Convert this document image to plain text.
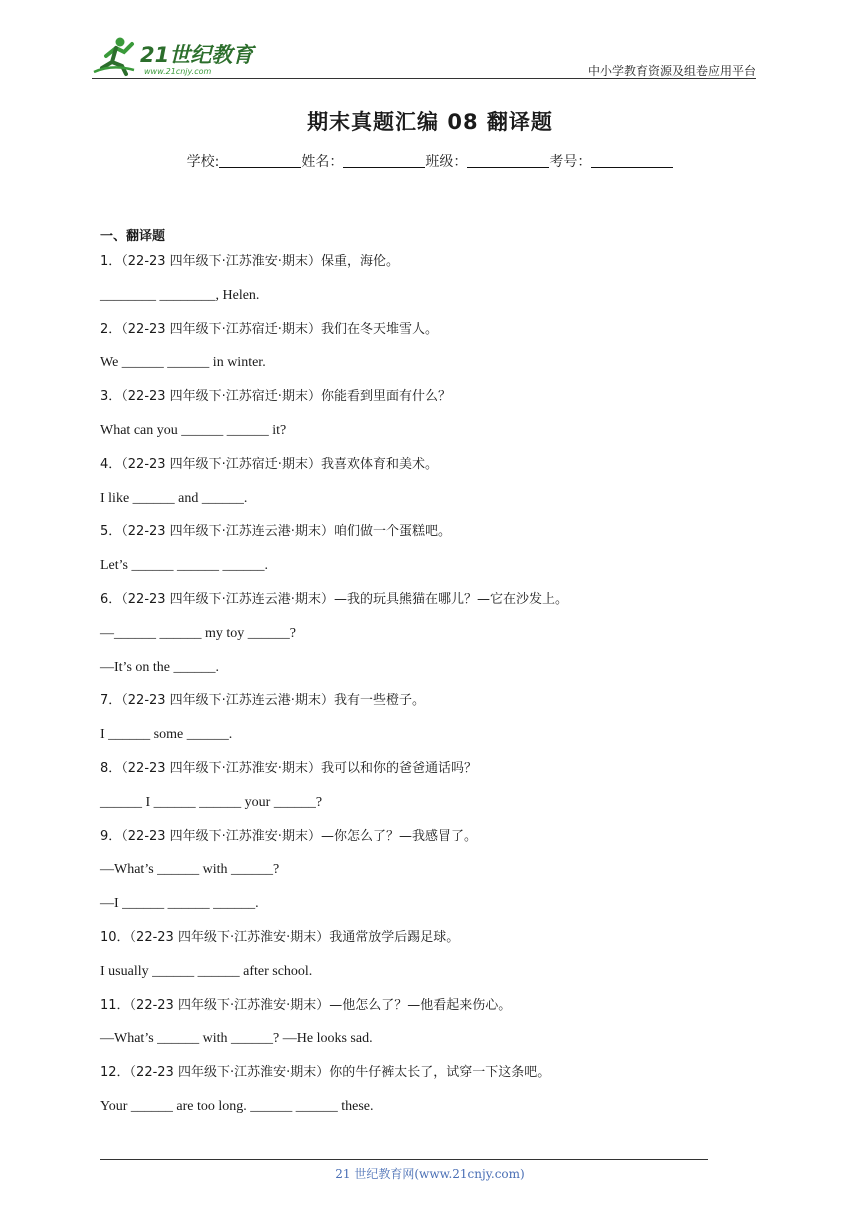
21世纪教育
www.21cnjy.com	中小学教育资源及组卷应用平台
期末真题汇编 08 翻译题
学校:	姓名：	班级：	考号：
一、翻译题
1．（22-23 四年级下·江苏淮安·期末）保重，海伦。
________ ________, Helen.
2．（22-23 四年级下·江苏宿迁·期末）我们在冬天堆雪人。
We ______ ______ in winter.
3．（22-23 四年级下·江苏宿迁·期末）你能看到里面有什么？
What can you ______ ______ it?
4．（22-23 四年级下·江苏宿迁·期末）我喜欢体育和美术。
I like ______ and ______.
5．（22-23 四年级下·江苏连云港·期末）咱们做一个蛋糕吧。
Let’s ______ ______ ______.
6．（22-23 四年级下·江苏连云港·期末）—我的玩具熊猫在哪儿？—它在沙发上。
—______ ______ my toy ______?
—It’s on the ______.
7．（22-23 四年级下·江苏连云港·期末）我有一些橙子。
I ______ some ______.
8．（22-23 四年级下·江苏淮安·期末）我可以和你的爸爸通话吗？
______ I ______ ______ your ______?
9．（22-23 四年级下·江苏淮安·期末）—你怎么了？—我感冒了。
—What’s ______ with ______?
—I ______ ______ ______.
10．（22-23 四年级下·江苏淮安·期末）我通常放学后踢足球。
I usually ______ ______ after school.
11．（22-23 四年级下·江苏淮安·期末）—他怎么了？—他看起来伤心。
—What’s ______ with ______? —He looks sad.
12．（22-23 四年级下·江苏淮安·期末）你的牛仔裤太长了，试穿一下这条吧。
Your ______ are too long. ______ ______ these.
21 世纪教育网(www.21cnjy.com)
